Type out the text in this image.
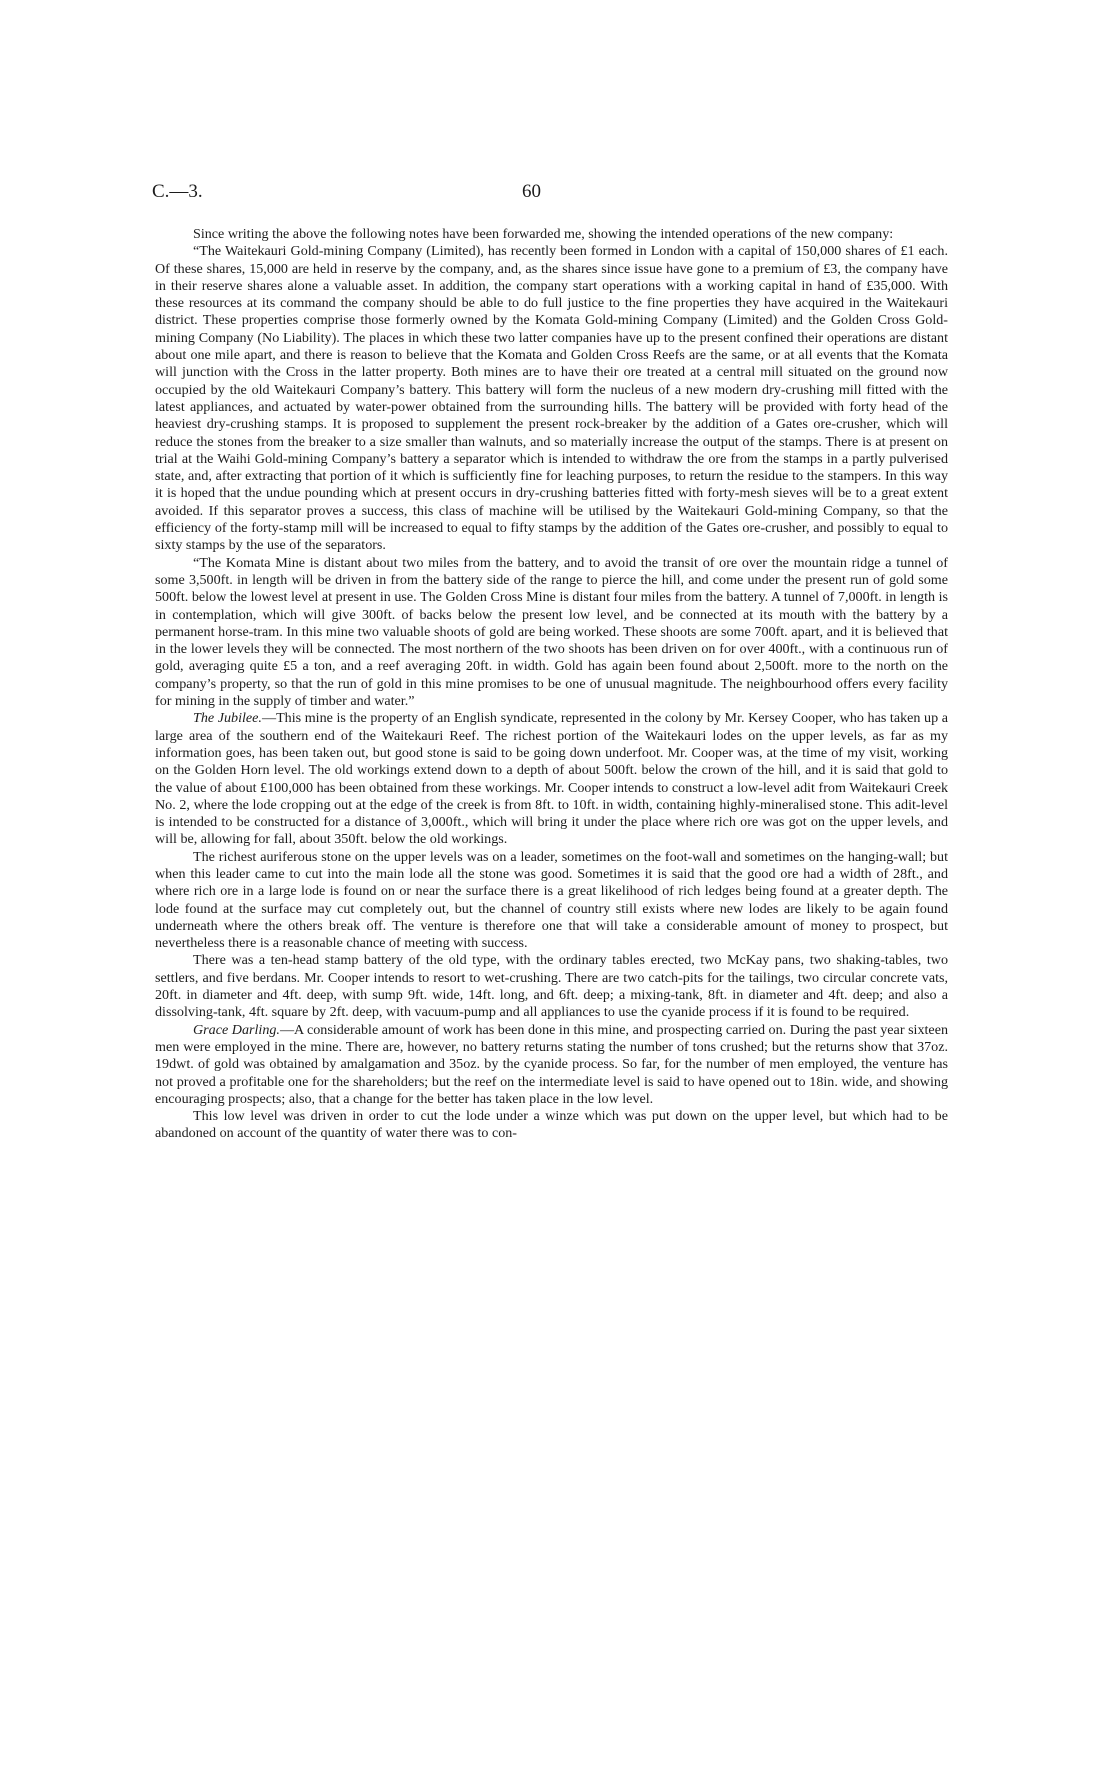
C.—3.	60

Since writing the above the following notes have been forwarded me, showing the intended operations of the new company:

“The Waitekauri Gold-mining Company (Limited), has recently been formed in London with a capital of 150,000 shares of £1 each. Of these shares, 15,000 are held in reserve by the company, and, as the shares since issue have gone to a premium of £3, the company have in their reserve shares alone a valuable asset. In addition, the company start operations with a working capital in hand of £35,000. With these resources at its command the company should be able to do full justice to the fine properties they have acquired in the Waitekauri district. These properties comprise those formerly owned by the Komata Gold-mining Company (Limited) and the Golden Cross Gold-mining Company (No Liability). The places in which these two latter companies have up to the present confined their operations are distant about one mile apart, and there is reason to believe that the Komata and Golden Cross Reefs are the same, or at all events that the Komata will junction with the Cross in the latter property. Both mines are to have their ore treated at a central mill situated on the ground now occupied by the old Waitekauri Company’s battery. This battery will form the nucleus of a new modern dry-crushing mill fitted with the latest appliances, and actuated by water-power obtained from the surrounding hills. The battery will be provided with forty head of the heaviest dry-crushing stamps. It is proposed to supplement the present rock-breaker by the addition of a Gates ore-crusher, which will reduce the stones from the breaker to a size smaller than walnuts, and so materially increase the output of the stamps. There is at present on trial at the Waihi Gold-mining Company’s battery a separator which is intended to withdraw the ore from the stamps in a partly pulverised state, and, after extracting that portion of it which is sufficiently fine for leaching purposes, to return the residue to the stampers. In this way it is hoped that the undue pounding which at present occurs in dry-crushing batteries fitted with forty-mesh sieves will be to a great extent avoided. If this separator proves a success, this class of machine will be utilised by the Waitekauri Gold-mining Company, so that the efficiency of the forty-stamp mill will be increased to equal to fifty stamps by the addition of the Gates ore-crusher, and possibly to equal to sixty stamps by the use of the separators.

“The Komata Mine is distant about two miles from the battery, and to avoid the transit of ore over the mountain ridge a tunnel of some 3,500ft. in length will be driven in from the battery side of the range to pierce the hill, and come under the present run of gold some 500ft. below the lowest level at present in use. The Golden Cross Mine is distant four miles from the battery. A tunnel of 7,000ft. in length is in contemplation, which will give 300ft. of backs below the present low level, and be connected at its mouth with the battery by a permanent horse-tram. In this mine two valuable shoots of gold are being worked. These shoots are some 700ft. apart, and it is believed that in the lower levels they will be connected. The most northern of the two shoots has been driven on for over 400ft., with a continuous run of gold, averaging quite £5 a ton, and a reef averaging 20ft. in width. Gold has again been found about 2,500ft. more to the north on the company’s property, so that the run of gold in this mine promises to be one of unusual magnitude. The neighbourhood offers every facility for mining in the supply of timber and water.”

The Jubilee.—This mine is the property of an English syndicate, represented in the colony by Mr. Kersey Cooper, who has taken up a large area of the southern end of the Waitekauri Reef. The richest portion of the Waitekauri lodes on the upper levels, as far as my information goes, has been taken out, but good stone is said to be going down underfoot. Mr. Cooper was, at the time of my visit, working on the Golden Horn level. The old workings extend down to a depth of about 500ft. below the crown of the hill, and it is said that gold to the value of about £100,000 has been obtained from these workings. Mr. Cooper intends to construct a low-level adit from Waitekauri Creek No. 2, where the lode cropping out at the edge of the creek is from 8ft. to 10ft. in width, containing highly-mineralised stone. This adit-level is intended to be constructed for a distance of 3,000ft., which will bring it under the place where rich ore was got on the upper levels, and will be, allowing for fall, about 350ft. below the old workings.

The richest auriferous stone on the upper levels was on a leader, sometimes on the foot-wall and sometimes on the hanging-wall; but when this leader came to cut into the main lode all the stone was good. Sometimes it is said that the good ore had a width of 28ft., and where rich ore in a large lode is found on or near the surface there is a great likelihood of rich ledges being found at a greater depth. The lode found at the surface may cut completely out, but the channel of country still exists where new lodes are likely to be again found underneath where the others break off. The venture is therefore one that will take a considerable amount of money to prospect, but nevertheless there is a reasonable chance of meeting with success.

There was a ten-head stamp battery of the old type, with the ordinary tables erected, two McKay pans, two shaking-tables, two settlers, and five berdans. Mr. Cooper intends to resort to wet-crushing. There are two catch-pits for the tailings, two circular concrete vats, 20ft. in diameter and 4ft. deep, with sump 9ft. wide, 14ft. long, and 6ft. deep; a mixing-tank, 8ft. in diameter and 4ft. deep; and also a dissolving-tank, 4ft. square by 2ft. deep, with vacuum-pump and all appliances to use the cyanide process if it is found to be required.

Grace Darling.—A considerable amount of work has been done in this mine, and prospecting carried on. During the past year sixteen men were employed in the mine. There are, however, no battery returns stating the number of tons crushed; but the returns show that 37oz. 19dwt. of gold was obtained by amalgamation and 35oz. by the cyanide process. So far, for the number of men employed, the venture has not proved a profitable one for the shareholders; but the reef on the intermediate level is said to have opened out to 18in. wide, and showing encouraging prospects; also, that a change for the better has taken place in the low level.

This low level was driven in order to cut the lode under a winze which was put down on the upper level, but which had to be abandoned on account of the quantity of water there was to con-
